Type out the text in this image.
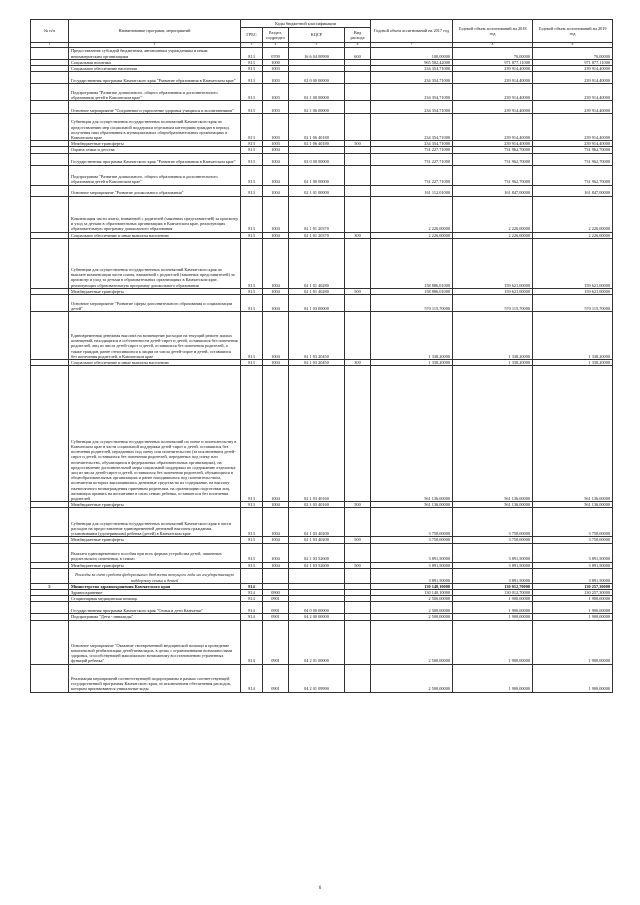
№ п/п	Наименование программ, мероприятий	Коды бюджетной классификации				Годовой объем ассигнований на 2017 год	Годовой объем ассигнований на 2018 год	Годовой объем ассигнований на 2019 год
		ГРБС	Раздел, подраздел	КЦСР	Вид расхода			
1	2	3	4	5	6	7	8	9
	Предоставление субсидий бюджетным, автономным учреждениям и иным некоммерческим организациям	813	0709	16 6 04 00990	600	100,00000	70,00000	70,00000
	Социальная политика	813	1000			965 582,42000	971 877,11000	971 877,11000
	Социальное обеспечение населения	813	1003			234 354,71000	239 914,40000	239 914,40000
	Государственная программа Камчатского края "Развитие образования в Камчатском крае"	813	1003	02 0 00 00000		234 354,71000	239 914,40000	239 914,40000
	Подпрограмма "Развитие дошкольного, общего образования и дополнительного образования детей в Камчатском крае"	813	1003	02 1 00 00000		234 354,71000	239 914,40000	239 914,40000
	Основное мероприятие "Сохранение и укрепление здоровья учащихся и воспитанников"	813	1003	02 1 06 00000		234 354,71000	239 914,40000	239 914,40000
	Субвенции для осуществления государственных полномочий Камчатского края по предоставлению мер социальной поддержки отдельным категориям граждан в период получения ими образования в муниципальных общеобразовательных организациях в Камчатском крае	813	1003	02 1 06 40180		234 354,71000	239 914,40000	239 914,40000
	Межбюджетные трансферты	813	1003	02 1 06 40180	500	234 354,71000	239 914,40000	239 914,40000
	Охрана семьи и детства	813	1004			731 227,71000	731 962,70000	731 962,70000
	Государственная программа Камчатского края "Развитие образования в Камчатском крае"	813	1004	02 0 00 00000		731 227,71000	731 962,70000	731 962,70000
	Подпрограмма "Развитие дошкольного, общего образования и дополнительного образования детей в Камчатском крае"	813	1004	02 1 00 00000		731 227,71000	731 962,70000	731 962,70000
	Основное мероприятие "Развитие дошкольного образования"	813	1004	02 1 01 00000		161 112,01000	161 847,00000	161 847,00000
	Компенсация части платы, взимаемой с родителей (законных представителей) за присмотр и уход за детьми в образовательных организациях в Камчатском крае, реализующих образовательную программу дошкольного образования	813	1004	02 1 01 20370		2 226,00000	2 226,00000	2 226,00000
	Социальное обеспечение и иные выплаты населению	813	1004	02 1 01 20370	300	2 226,00000	2 226,00000	2 226,00000
	Субвенции для осуществления государственных полномочий Камчатского края по выплате компенсации части платы, взимаемой с родителей (законных представителей) за присмотр и уход за детьми в образовательных организациях в Камчатском крае, реализующих образовательную программу дошкольного образования	813	1004	02 1 01 40280		158 886,01000	159 621,00000	159 621,00000
	Межбюджетные трансферты	813	1004	02 1 01 40280	500	158 886,01000	159 621,00000	159 621,00000
	Основное мероприятие "Развитие сферы дополнительного образования и социализации детей"	813	1004	02 1 03 00000		570 115,70000	570 115,70000	570 115,70000
	Единовременная денежная выплата на возмещение расходов на текущий ремонт жилых помещений, находящихся в собственности детей-сирот и детей, оставшихся без попечения родителей, лиц из числа детей-сирот и детей, оставшихся без попечения родителей, а также граждан, ранее относившихся к лицам из числа детей-сирот и детей, оставшихся без попечения родителей, в Камчатском крае	813	1004	02 1 03 20450		1 338,20000	1 338,20000	1 338,20000
	Социальное обеспечение и иные выплаты населению	813	1004	02 1 03 20450	300	1 338,20000	1 338,20000	1 338,20000
	Субвенции для осуществления государственных полномочий по опеке и попечительству в Камчатском крае в части социальной поддержки детей-сирот и детей, оставшихся без попечения родителей, переданных под опеку или попечительство (за исключением детей-сирот и детей, оставшихся без попечения родителей, переданных под опеку или попечительство, обучающихся в федеральных образовательных организациях), на предоставление дополнительной меры социальной поддержки по содержанию отдельных лиц из числа детей-сирот и детей, оставшихся без попечения родителей, обучающихся в общеобразовательных организациях и ранее находившихся под попечительством, попечители которых выплачивались денежные средства на их содержание, на выплату ежемесячного вознаграждения приемным родителям, на организацию подготовки лиц, желающих принять на воспитание в свою семью ребенка, оставшегося без попечения родителей	813	1004	02 1 03 40160		561 136,00000	561 136,00000	561 136,00000
	Межбюджетные трансферты	813	1004	02 1 03 40160	500	561 136,00000	561 136,00000	561 136,00000
	Субвенции для осуществления государственных полномочий Камчатского края в части расходов на предоставление единовременной денежной выплаты гражданам, усыновившим (удочерившим) ребенка (детей) в Камчатском крае	813	1004	02 1 03 40200		3 750,00000	3 750,00000	3 750,00000
	Межбюджетные трансферты	813	1004	02 1 03 40200	500	3 750,00000	3 750,00000	3 750,00000
	Выплата единовременного пособия при всех формах устройства детей, лишенных родительского попечения, в семью	813	1004	02 1 03 52600		3 891,50000	3 891,50000	3 891,50000
	Межбюджетные трансферты	813	1004	02 1 03 52600	500	3 891,50000	3 891,50000	3 891,50000
	Расходы за счет средств федерального бюджета текущего года на государственную поддержку семьи и детей					3 891,50000	3 891,50000	3 891,50000
5	Министерство здравоохранения Камчатского края	814				130 140,10000	130 012,70000	130 257,30000
	Здравоохранение	814	0900			130 140,10000	130 012,70000	130 257,30000
	Стационарная медицинская помощь	814	0901			2 500,00000	1 900,00000	1 900,00000
	Государственная программа Камчатского края "Семья и дети Камчатки"	814	0901	04 0 00 00000		2 500,00000	1 900,00000	1 900,00000
	Подпрограмма "Дети - инвалиды"	814	0901	04 2 00 00000		2 500,00000	1 900,00000	1 900,00000
	Основное мероприятие "Оказание своевременной медицинской помощи и проведение комплексной реабилитации детей-инвалидов, в целях с ограниченными возможностями здоровья, способствующей максимально возможному восстановлению утраченных функций ребенка"	814	0901	04 2 01 00000		2 500,00000	1 900,00000	1 900,00000
	Реализация мероприятий соответствующей подпрограммы в рамках соответствующей государственной программы Камчатского края, за исключением обеспечения расходов, которым присваиваются уникальные коды	814	0901	04 2 01 09990		2 500,00000	1 900,00000	1 900,00000
6
